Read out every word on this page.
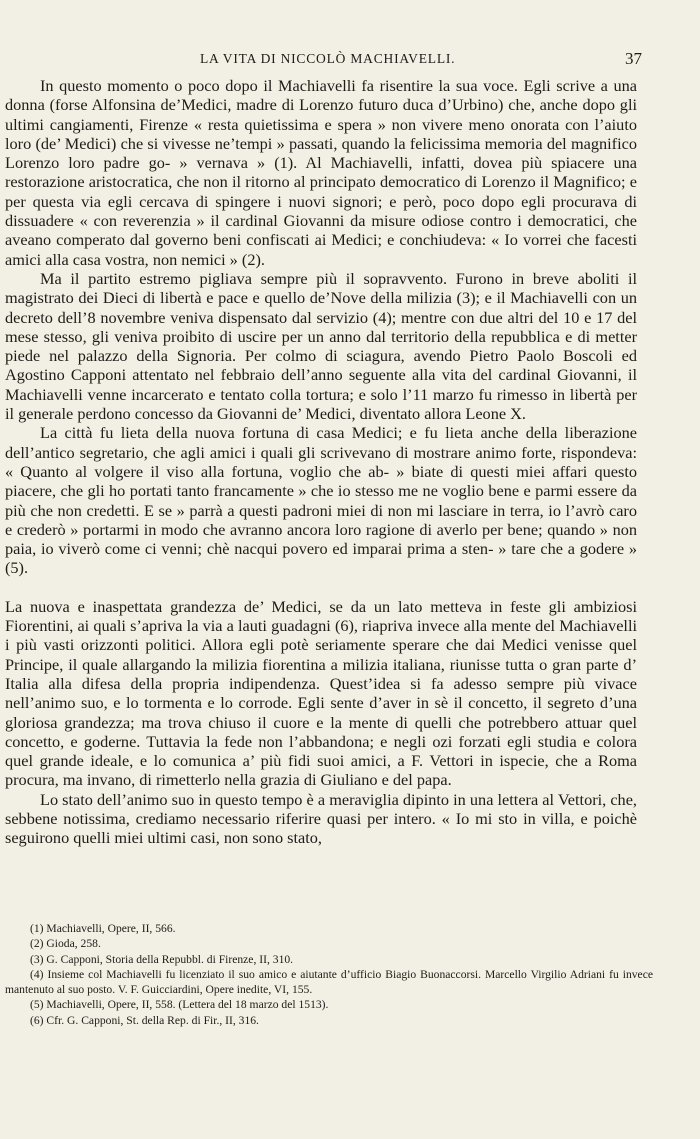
LA VITA DI NICCOLÒ MACHIAVELLI.	37

In questo momento o poco dopo il Machiavelli fa risentire la sua voce. Egli scrive a una donna (forse Alfonsina de’Medici, madre di Lorenzo futuro duca d’Urbino) che, anche dopo gli ultimi cangiamenti, Firenze « resta quietissima e spera » non vivere meno onorata con l’aiuto loro (de’ Medici) che si vivesse ne’tempi » passati, quando la felicissima memoria del magnifico Lorenzo loro padre go- » vernava » (1). Al Machiavelli, infatti, dovea più spiacere una restorazione aristocratica, che non il ritorno al principato democratico di Lorenzo il Magnifico; e per questa via egli cercava di spingere i nuovi signori; e però, poco dopo egli procurava di dissuadere « con reverenzia » il cardinal Giovanni da misure odiose contro i democratici, che aveano comperato dal governo beni confiscati ai Medici; e conchiudeva: « Io vorrei che facesti amici alla casa vostra, non nemici » (2).

Ma il partito estremo pigliava sempre più il sopravvento. Furono in breve aboliti il magistrato dei Dieci di libertà e pace e quello de’Nove della milizia (3); e il Machiavelli con un decreto dell’8 novembre veniva dispensato dal servizio (4); mentre con due altri del 10 e 17 del mese stesso, gli veniva proibito di uscire per un anno dal territorio della repubblica e di metter piede nel palazzo della Signoria. Per colmo di sciagura, avendo Pietro Paolo Boscoli ed Agostino Capponi attentato nel febbraio dell’anno seguente alla vita del cardinal Giovanni, il Machiavelli venne incarcerato e tentato colla tortura; e solo l’11 marzo fu rimesso in libertà per il generale perdono concesso da Giovanni de’ Medici, diventato allora Leone X.

La città fu lieta della nuova fortuna di casa Medici; e fu lieta anche della liberazione dell’antico segretario, che agli amici i quali gli scrivevano di mostrare animo forte, rispondeva: « Quanto al volgere il viso alla fortuna, voglio che ab- » biate di questi miei affari questo piacere, che gli ho portati tanto francamente » che io stesso me ne voglio bene e parmi essere da più che non credetti. E se » parrà a questi padroni miei di non mi lasciare in terra, io l’avrò caro e crederò » portarmi in modo che avranno ancora loro ragione di averlo per bene; quando » non paia, io viverò come ci venni; chè nacqui povero ed imparai prima a sten- » tare che a godere » (5).

La nuova e inaspettata grandezza de’ Medici, se da un lato metteva in feste gli ambiziosi Fiorentini, ai quali s’apriva la via a lauti guadagni (6), riapriva invece alla mente del Machiavelli i più vasti orizzonti politici. Allora egli potè seriamente sperare che dai Medici venisse quel Principe, il quale allargando la milizia fiorentina a milizia italiana, riunisse tutta o gran parte d’ Italia alla difesa della propria indipendenza. Quest’idea si fa adesso sempre più vivace nell’animo suo, e lo tormenta e lo corrode. Egli sente d’aver in sè il concetto, il segreto d’una gloriosa grandezza; ma trova chiuso il cuore e la mente di quelli che potrebbero attuar quel concetto, e goderne. Tuttavia la fede non l’abbandona; e negli ozi forzati egli studia e colora quel grande ideale, e lo comunica a’ più fidi suoi amici, a F. Vettori in ispecie, che a Roma procura, ma invano, di rimetterlo nella grazia di Giuliano e del papa.

Lo stato dell’animo suo in questo tempo è a meraviglia dipinto in una lettera al Vettori, che, sebbene notissima, crediamo necessario riferire quasi per intero. « Io mi sto in villa, e poichè seguirono quelli miei ultimi casi, non sono stato,

(1) Machiavelli, Opere, II, 566.

(2) Gioda, 258.

(3) G. Capponi, Storia della Repubbl. di Firenze, II, 310.

(4) Insieme col Machiavelli fu licenziato il suo amico e aiutante d’ufficio Biagio Buonaccorsi. Marcello Virgilio Adriani fu invece mantenuto al suo posto. V. F. Guicciardini, Opere inedite, VI, 155.

(5) Machiavelli, Opere, II, 558. (Lettera del 18 marzo del 1513).

(6) Cfr. G. Capponi, St. della Rep. di Fir., II, 316.
